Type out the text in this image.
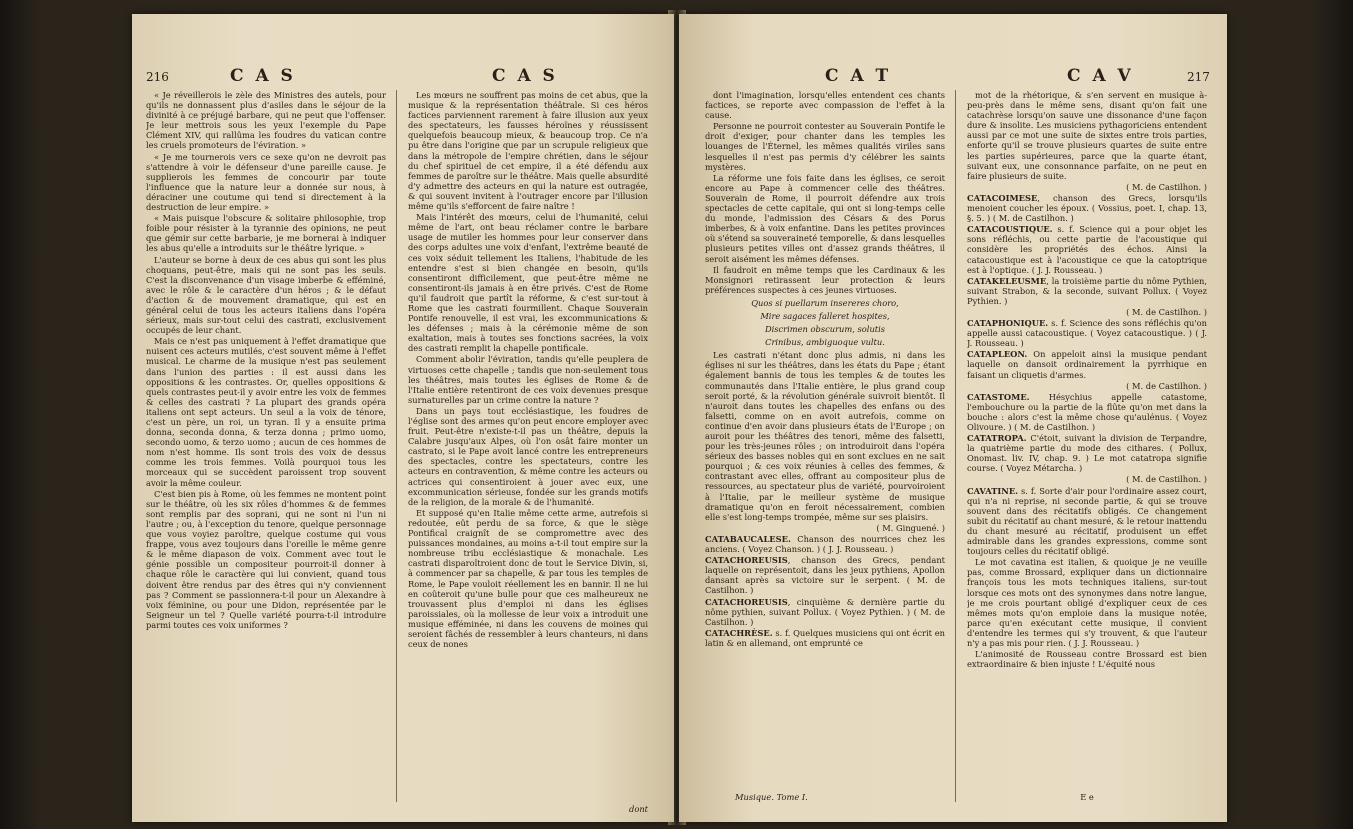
216	C A S	C A S

« Je réveillerois le zèle des Ministres des autels, pour qu'ils ne donnassent plus d'asiles dans le séjour de la divinité à ce préjugé barbare, qui ne peut que l'offenser. Je leur mettrois sous les yeux l'exemple du Pape Clément XIV, qui rallûma les foudres du vatican contre les cruels promoteurs de l'éviration. »

« Je me tournerois vers ce sexe qu'on ne devroit pas s'attendre à voir le défenseur d'une pareille cause. Je supplierois les femmes de concourir par toute l'influence que la nature leur a donnée sur nous, à déraciner une coutume qui tend si directement à la destruction de leur empire. »

« Mais puisque l'obscure & solitaire philosophie, trop foible pour résister à la tyrannie des opinions, ne peut que gémir sur cette barbarie, je me bornerai à indiquer les abus qu'elle a introduits sur le théâtre lyrique. »

L'auteur se borne à deux de ces abus qui sont les plus choquans, peut-être, mais qui ne sont pas les seuls. C'est la disconvenance d'un visage imberbe & efféminé, avec le rôle & le caractère d'un héros ; & le défaut d'action & de mouvement dramatique, qui est en général celui de tous les acteurs italiens dans l'opéra sérieux, mais sur-tout celui des castrati, exclusivement occupés de leur chant.

Mais ce n'est pas uniquement à l'effet dramatique que nuisent ces acteurs mutilés, c'est souvent même à l'effet musical. Le charme de la musique n'est pas seulement dans l'union des parties : il est aussi dans les oppositions & les contrastes. Or, quelles oppositions & quels contrastes peut-il y avoir entre les voix de femmes & celles des castrati ? La plupart des grands opéra italiens ont sept acteurs. Un seul a la voix de ténore, c'est un père, un roi, un tyran. Il y a ensuite prima donna, seconda donna, & terza donna ; primo uomo, secondo uomo, & terzo uomo ; aucun de ces hommes de nom n'est homme. Ils sont trois des voix de dessus comme les trois femmes. Voilà pourquoi tous les morceaux qui se succèdent paroissent trop souvent avoir la même couleur.

C'est bien pis à Rome, où les femmes ne montent point sur le théâtre, où les six rôles d'hommes & de femmes sont remplis par des soprani, qui ne sont ni l'un ni l'autre ; ou, à l'exception du tenore, quelque personnage que vous voyiez paroître, quelque costume qui vous frappe, vous avez toujours dans l'oreille le même genre & le même diapason de voix. Comment avec tout le génie possible un compositeur pourroit-il donner à chaque rôle le caractère qui lui convient, quand tous doivent être rendus par des êtres qui n'y conviennent pas ? Comment se passionnera-t-il pour un Alexandre à voix féminine, ou pour une Didon, représentée par le Seigneur un tel ? Quelle variété pourra-t-il introduire parmi toutes ces voix uniformes ?

Les mœurs ne souffrent pas moins de cet abus, que la musique & la représentation théâtrale. Si ces héros factices parviennent rarement à faire illusion aux yeux des spectateurs, les fausses héroïnes y réussissent quelquefois beaucoup mieux, & beaucoup trop. Ce n'a pu être dans l'origine que par un scrupule religieux que dans la métropole de l'empire chrétien, dans le séjour du chef spirituel de cet empire, il a été défendu aux femmes de paroître sur le théâtre. Mais quelle absurdité d'y admettre des acteurs en qui la nature est outragée, & qui souvent invitent à l'outrager encore par l'illusion même qu'ils s'efforcent de faire naître !

Mais l'intérêt des mœurs, celui de l'humanité, celui même de l'art, ont beau réclamer contre le barbare usage de mutiler les hommes pour leur conserver dans des corps adultes une voix d'enfant, l'extrême beauté de ces voix séduit tellement les Italiens, l'habitude de les entendre s'est si bien changée en besoin, qu'ils consentiront difficilement, que peut-être même ne consentiront-ils jamais à en être privés. C'est de Rome qu'il faudroit que partît la réforme, & c'est sur-tout à Rome que les castrati fourmillent. Chaque Souverain Pontife renouvelle, il est vrai, les excommunications & les défenses ; mais à la cérémonie même de son exaltation, mais à toutes ses fonctions sacrées, la voix des castrati remplit la chapelle pontificale.

Comment abolir l'éviration, tandis qu'elle peuplera de virtuoses cette chapelle ; tandis que non-seulement tous les théâtres, mais toutes les églises de Rome & de l'Italie entière retentiront de ces voix devenues presque surnaturelles par un crime contre la nature ?

Dans un pays tout ecclésiastique, les foudres de l'église sont des armes qu'on peut encore employer avec fruit. Peut-être n'existe-t-il pas un théâtre, depuis la Calabre jusqu'aux Alpes, où l'on osât faire monter un castrato, si le Pape avoit lancé contre les entrepreneurs des spectacles, contre les spectateurs, contre les acteurs en contravention, & même contre les acteurs ou actrices qui consentiroient à jouer avec eux, une excommunication sérieuse, fondée sur les grands motifs de la religion, de la morale & de l'humanité.

Et supposé qu'en Italie même cette arme, autrefois si redoutée, eût perdu de sa force, & que le siège Pontifical craignît de se compromettre avec des puissances mondaines, au moins a-t-il tout empire sur la nombreuse tribu ecclésiastique & monachale. Les castrati disparoîtroient donc de tout le Service Divin, si, à commencer par sa chapelle, & par tous les temples de Rome, le Pape vouloit réellement les en bannir. Il ne lui en coûteroit qu'une bulle pour que ces malheureux ne trouvassent plus d'emploi ni dans les églises paroissiales, où la mollesse de leur voix a introduit une musique efféminée, ni dans les couvens de moines qui seroient fâchés de ressembler à leurs chanteurs, ni dans ceux de nones

dont

C A T	C A V	217

dont l'imagination, lorsqu'elles entendent ces chants factices, se reporte avec compassion de l'effet à la cause.

Personne ne pourroit contester au Souverain Pontife le droit d'exiger, pour chanter dans les temples les louanges de l'Éternel, les mêmes qualités viriles sans lesquelles il n'est pas permis d'y célébrer les saints mystères.

La réforme une fois faite dans les églises, ce seroit encore au Pape à commencer celle des théâtres. Souverain de Rome, il pourroit défendre aux trois spectacles de cette capitale, qui ont si long-temps celle du monde, l'admission des Césars & des Porus imberbes, & à voix enfantine. Dans les petites provinces où s'étend sa souveraineté temporelle, & dans lesquelles plusieurs petites villes ont d'assez grands théâtres, il seroit aisément les mêmes défenses.

Il faudroit en même temps que les Cardinaux & les Monsignori retirassent leur protection & leurs préférences suspectes à ces jeunes virtuoses.

Quos si puellarum insereres choro,

Mire sagaces falleret hospites,

Discrimen obscurum, solutis

Crinibus, ambiguoque vultu.

Les castrati n'étant donc plus admis, ni dans les églises ni sur les théâtres, dans les états du Pape ; étant également bannis de tous les temples & de toutes les communautés dans l'Italie entière, le plus grand coup seroit porté, & la révolution générale suivroit bientôt. Il n'auroit dans toutes les chapelles des enfans ou des falsetti, comme on en avoit autrefois, comme on continue d'en avoir dans plusieurs états de l'Europe ; on auroit pour les théâtres des tenori, même des falsetti, pour les très-jeunes rôles ; on introduiroit dans l'opéra sérieux des basses nobles qui en sont exclues en ne sait pourquoi ; & ces voix réunies à celles des femmes, & contrastant avec elles, offrant au compositeur plus de ressources, au spectateur plus de variété, pourvoiroient à l'Italie, par le meilleur système de musique dramatique qu'on en feroit nécessairement, combien elle s'est long-temps trompée, même sur ses plaisirs.

( M. Ginguené. )

CATABAUCALESE. Chanson des nourrices chez les anciens. ( Voyez Chanson. ) ( J. J. Rousseau. )

CATACHOREUSIS, chanson des Grecs, pendant laquelle on représentoit, dans les jeux pythiens, Apollon dansant après sa victoire sur le serpent. ( M. de Castilhon. )

CATACHOREUSIS, cinquième & dernière partie du nôme pythien, suivant Pollux. ( Voyez Pythien. ) ( M. de Castilhon. )

CATACHRÈSE. s. f. Quelques musiciens qui ont écrit en latin & en allemand, ont emprunté ce

Musique. Tome I.

mot de la rhétorique, & s'en servent en musique à-peu-près dans le même sens, disant qu'on fait une catachrèse lorsqu'on sauve une dissonance d'une façon dure & insolite. Les musiciens pythagoriciens entendent aussi par ce mot une suite de sixtes entre trois parties, enforte qu'il se trouve plusieurs quartes de suite entre les parties supérieures, parce que la quarte étant, suivant eux, une consonnance parfaite, on ne peut en faire plusieurs de suite.

( M. de Castilhon. )

CATACOIMESE, chanson des Grecs, lorsqu'ils menoient coucher les époux. ( Vossius, poet. I, chap. 13, §. 5. ) ( M. de Castilhon. )

CATACOUSTIQUE. s. f. Science qui a pour objet les sons réfléchis, ou cette partie de l'acoustique qui considère les propriétés des échos. Ainsi la catacoustique est à l'acoustique ce que la catoptrique est à l'optique. ( J. J. Rousseau. )

CATAKELEUSME, la troisième partie du nôme Pythien, suivant Strabon, & la seconde, suivant Pollux. ( Voyez Pythien. )

( M. de Castilhon. )

CATAPHONIQUE. s. f. Science des sons réfléchis qu'on appelle aussi catacoustique. ( Voyez catacoustique. ) ( J. J. Rousseau. )

CATAPLEON. On appeloit ainsi la musique pendant laquelle on dansoit ordinairement la pyrrhique en faisant un cliquetis d'armes.

( M. de Castilhon. )

CATASTOME. Hésychius appelle catastome, l'embouchure ou la partie de la flûte qu'on met dans la bouche : alors c'est la même chose qu'aulénus. ( Voyez Olivoure. ) ( M. de Castilhon. )

CATATROPA. C'étoit, suivant la division de Terpandre, la quatrième partie du mode des cithares. ( Pollux, Onomast. liv. IV, chap. 9. ) Le mot catatropa signifie course. ( Voyez Métarcha. )

( M. de Castilhon. )

CAVATINE. s. f. Sorte d'air pour l'ordinaire assez court, qui n'a ni reprise, ni seconde partie, & qui se trouve souvent dans des récitatifs obligés. Ce changement subit du récitatif au chant mesuré, & le retour inattendu du chant mesuré au récitatif, produisent un effet admirable dans les grandes expressions, comme sont toujours celles du récitatif obligé.

Le mot cavatina est italien, & quoique je ne veuille pas, comme Brossard, expliquer dans un dictionnaire françois tous les mots techniques italiens, sur-tout lorsque ces mots ont des synonymes dans notre langue, je me crois pourtant obligé d'expliquer ceux de ces mêmes mots qu'on emploie dans la musique notée, parce qu'en exécutant cette musique, il convient d'entendre les termes qui s'y trouvent, & que l'auteur n'y a pas mis pour rien. ( J. J. Rousseau. )

L'animosité de Rousseau contre Brossard est bien extraordinaire & bien injuste ! L'équité nous

E e
